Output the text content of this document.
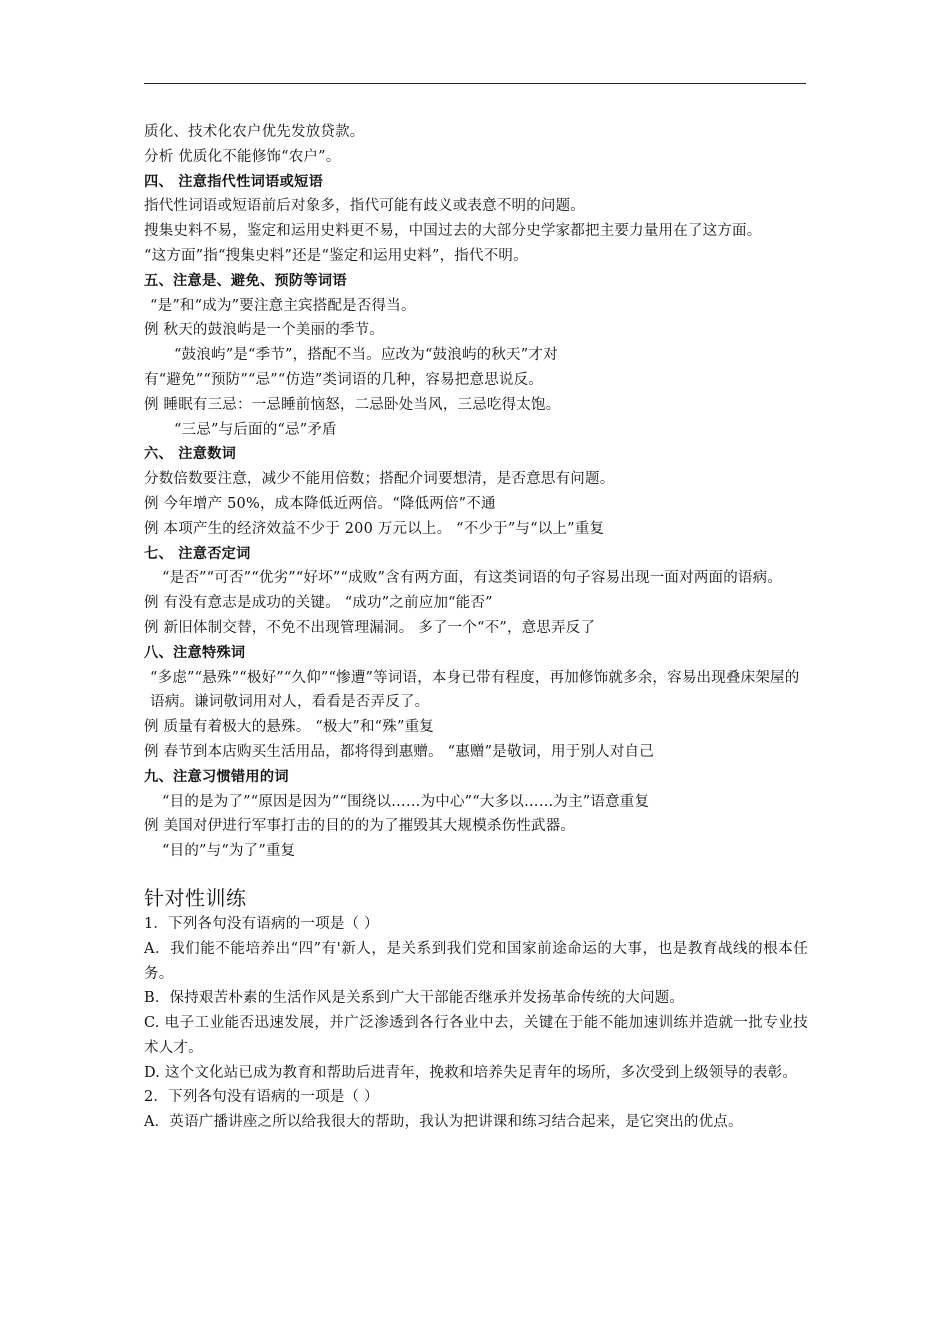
质化、技术化农户优先发放贷款。

分析 优质化不能修饰“农户”。

四、 注意指代性词语或短语

指代性词语或短语前后对象多，指代可能有歧义或表意不明的问题。

搜集史料不易，鉴定和运用史料更不易，中国过去的大部分史学家都把主要力量用在了这方面。

“这方面”指“搜集史料”还是“鉴定和运用史料”，指代不明。

五、注意是、避免、预防等词语

“是”和“成为”要注意主宾搭配是否得当。

例 秋天的鼓浪屿是一个美丽的季节。

“鼓浪屿”是“季节”，搭配不当。应改为“鼓浪屿的秋天”才对

有“避免”“预防”“忌”“仿造”类词语的几种，容易把意思说反。

例 睡眠有三忌：一忌睡前恼怒，二忌卧处当风，三忌吃得太饱。

“三忌”与后面的“忌”矛盾

六、 注意数词

分数倍数要注意，减少不能用倍数；搭配介词要想清，是否意思有问题。

例 今年增产 50%，成本降低近两倍。“降低两倍”不通

例 本项产生的经济效益不少于 200 万元以上。 “不少于”与“以上”重复

七、 注意否定词

“是否”“可否”“优劣”“好坏”“成败”含有两方面，有这类词语的句子容易出现一面对两面的语病。

例 有没有意志是成功的关键。 “成功”之前应加“能否”

例 新旧体制交替，不免不出现管理漏洞。 多了一个“不”，意思弄反了

八、注意特殊词

“多虑”“悬殊”“极好”“久仰”“惨遭”等词语，本身已带有程度，再加修饰就多余，容易出现叠床架屋的语病。谦词敬词用对人，看看是否弄反了。

例 质量有着极大的悬殊。 “极大”和“殊”重复

例 春节到本店购买生活用品，都将得到惠赠。 “惠赠”是敬词，用于别人对自己

九、注意习惯错用的词

“目的是为了”“原因是因为”“围绕以……为中心”“大多以……为主”语意重复

例 美国对伊进行军事打击的目的的为了摧毁其大规模杀伤性武器。

“目的”与“为了”重复

针对性训练

1．下列各句没有语病的一项是（ ）

A．我们能不能培养出“四”有'新人，是关系到我们党和国家前途命运的大事，也是教育战线的根本任务。

B．保持艰苦朴素的生活作风是关系到广大干部能否继承并发扬革命传统的大问题。

C. 电子工业能否迅速发展，并广泛渗透到各行各业中去，关键在于能不能加速训练并造就一批专业技术人才。

D. 这个文化站已成为教育和帮助后进青年，挽救和培养失足青年的场所，多次受到上级领导的表彰。

2．下列各句没有语病的一项是（ ）

A．英语广播讲座之所以给我很大的帮助，我认为把讲课和练习结合起来，是它突出的优点。
